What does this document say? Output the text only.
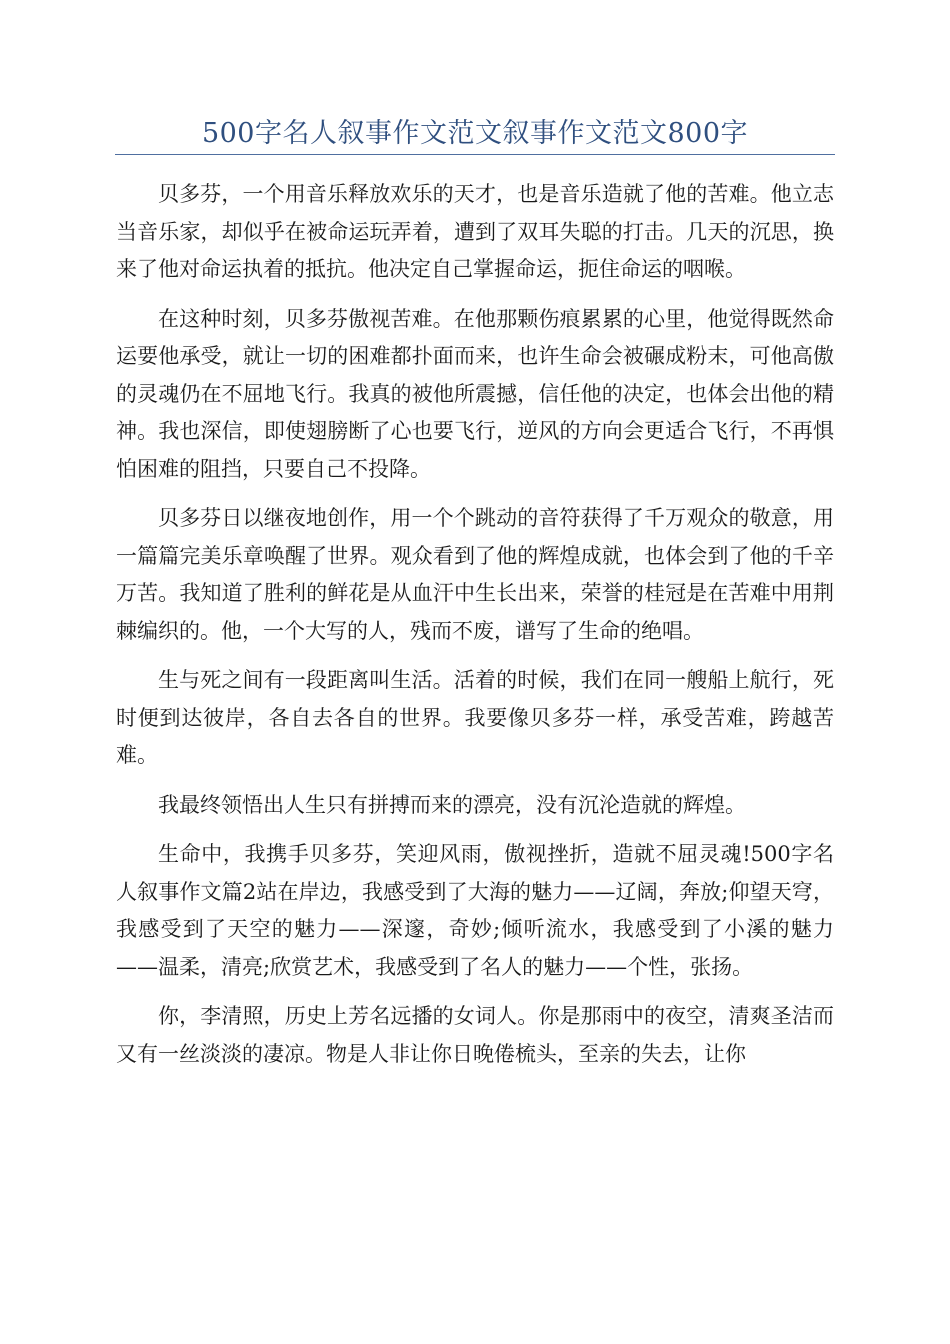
500字名人叙事作文范文叙事作文范文800字

贝多芬，一个用音乐释放欢乐的天才，也是音乐造就了他的苦难。他立志当音乐家，却似乎在被命运玩弄着，遭到了双耳失聪的打击。几天的沉思，换来了他对命运执着的抵抗。他决定自己掌握命运，扼住命运的咽喉。

在这种时刻，贝多芬傲视苦难。在他那颗伤痕累累的心里，他觉得既然命运要他承受，就让一切的困难都扑面而来，也许生命会被碾成粉末，可他高傲的灵魂仍在不屈地飞行。我真的被他所震撼，信任他的决定，也体会出他的精神。我也深信，即使翅膀断了心也要飞行，逆风的方向会更适合飞行，不再惧怕困难的阻挡，只要自己不投降。

贝多芬日以继夜地创作，用一个个跳动的音符获得了千万观众的敬意，用一篇篇完美乐章唤醒了世界。观众看到了他的辉煌成就，也体会到了他的千辛万苦。我知道了胜利的鲜花是从血汗中生长出来，荣誉的桂冠是在苦难中用荆棘编织的。他，一个大写的人，残而不废，谱写了生命的绝唱。

生与死之间有一段距离叫生活。活着的时候，我们在同一艘船上航行，死时便到达彼岸，各自去各自的世界。我要像贝多芬一样，承受苦难，跨越苦难。

我最终领悟出人生只有拼搏而来的漂亮，没有沉沦造就的辉煌。

生命中，我携手贝多芬，笑迎风雨，傲视挫折，造就不屈灵魂!500字名人叙事作文篇2站在岸边，我感受到了大海的魅力——辽阔，奔放;仰望天穹，我感受到了天空的魅力——深邃，奇妙;倾听流水，我感受到了小溪的魅力——温柔，清亮;欣赏艺术，我感受到了名人的魅力——个性，张扬。

你，李清照，历史上芳名远播的女词人。你是那雨中的夜空，清爽圣洁而又有一丝淡淡的凄凉。物是人非让你日晚倦梳头，至亲的失去，让你
